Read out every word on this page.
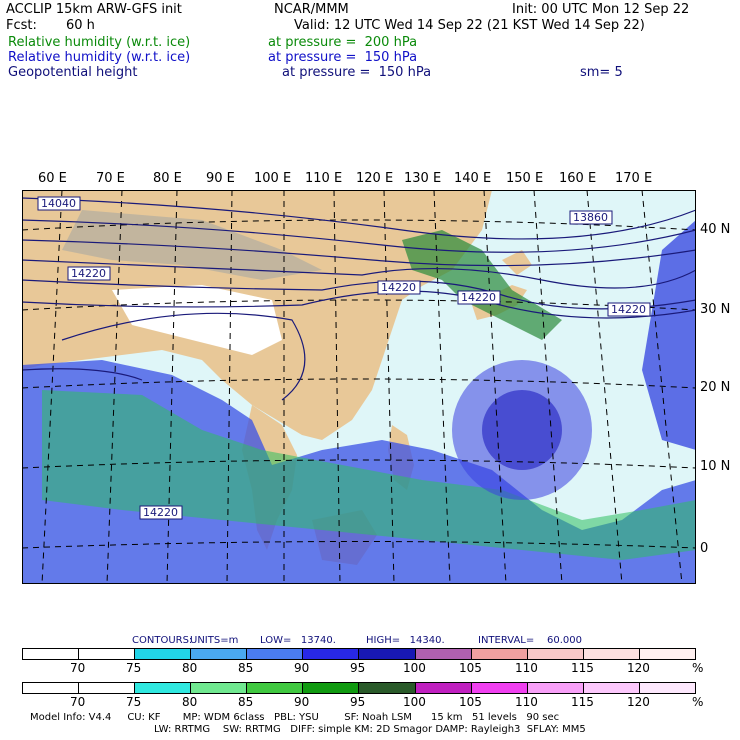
ACCLIP 15km ARW-GFS init	NCAR/MMM	Init: 00 UTC Mon 12 Sep 22
Fcst: 60 h	Valid: 12 UTC Wed 14 Sep 22 (21 KST Wed 14 Sep 22)
Relative humidity (w.r.t. ice)	at pressure =  200 hPa
Relative humidity (w.r.t. ice)	at pressure =  150 hPa
Geopotential height	at pressure =  150 hPa	sm= 5
60 E 70 E 80 E 90 E 100 E 110 E 120 E 130 E 140 E 150 E 160 E 170 E
40 N
30 N
20 N
10 N
0
14040
13860
14220
14220
14220
14220
14220
CONTOURS:
UNITS=m LOW=   13740.	HIGH=   14340.	INTERVAL=    60.000
70	75	80	85	90	95	100	105	110	115	120	%
70	75	80	85	90	95	100	105	110	115	120	%
Model Info: V4.4     CU: KF       MP: WDM 6class   PBL: YSU        SF: Noah LSM      15 km   51 levels   90 sec
LW: RRTMG    SW: RRTMG   DIFF: simple KM: 2D Smagor DAMP: Rayleigh3  SFLAY: MM5
